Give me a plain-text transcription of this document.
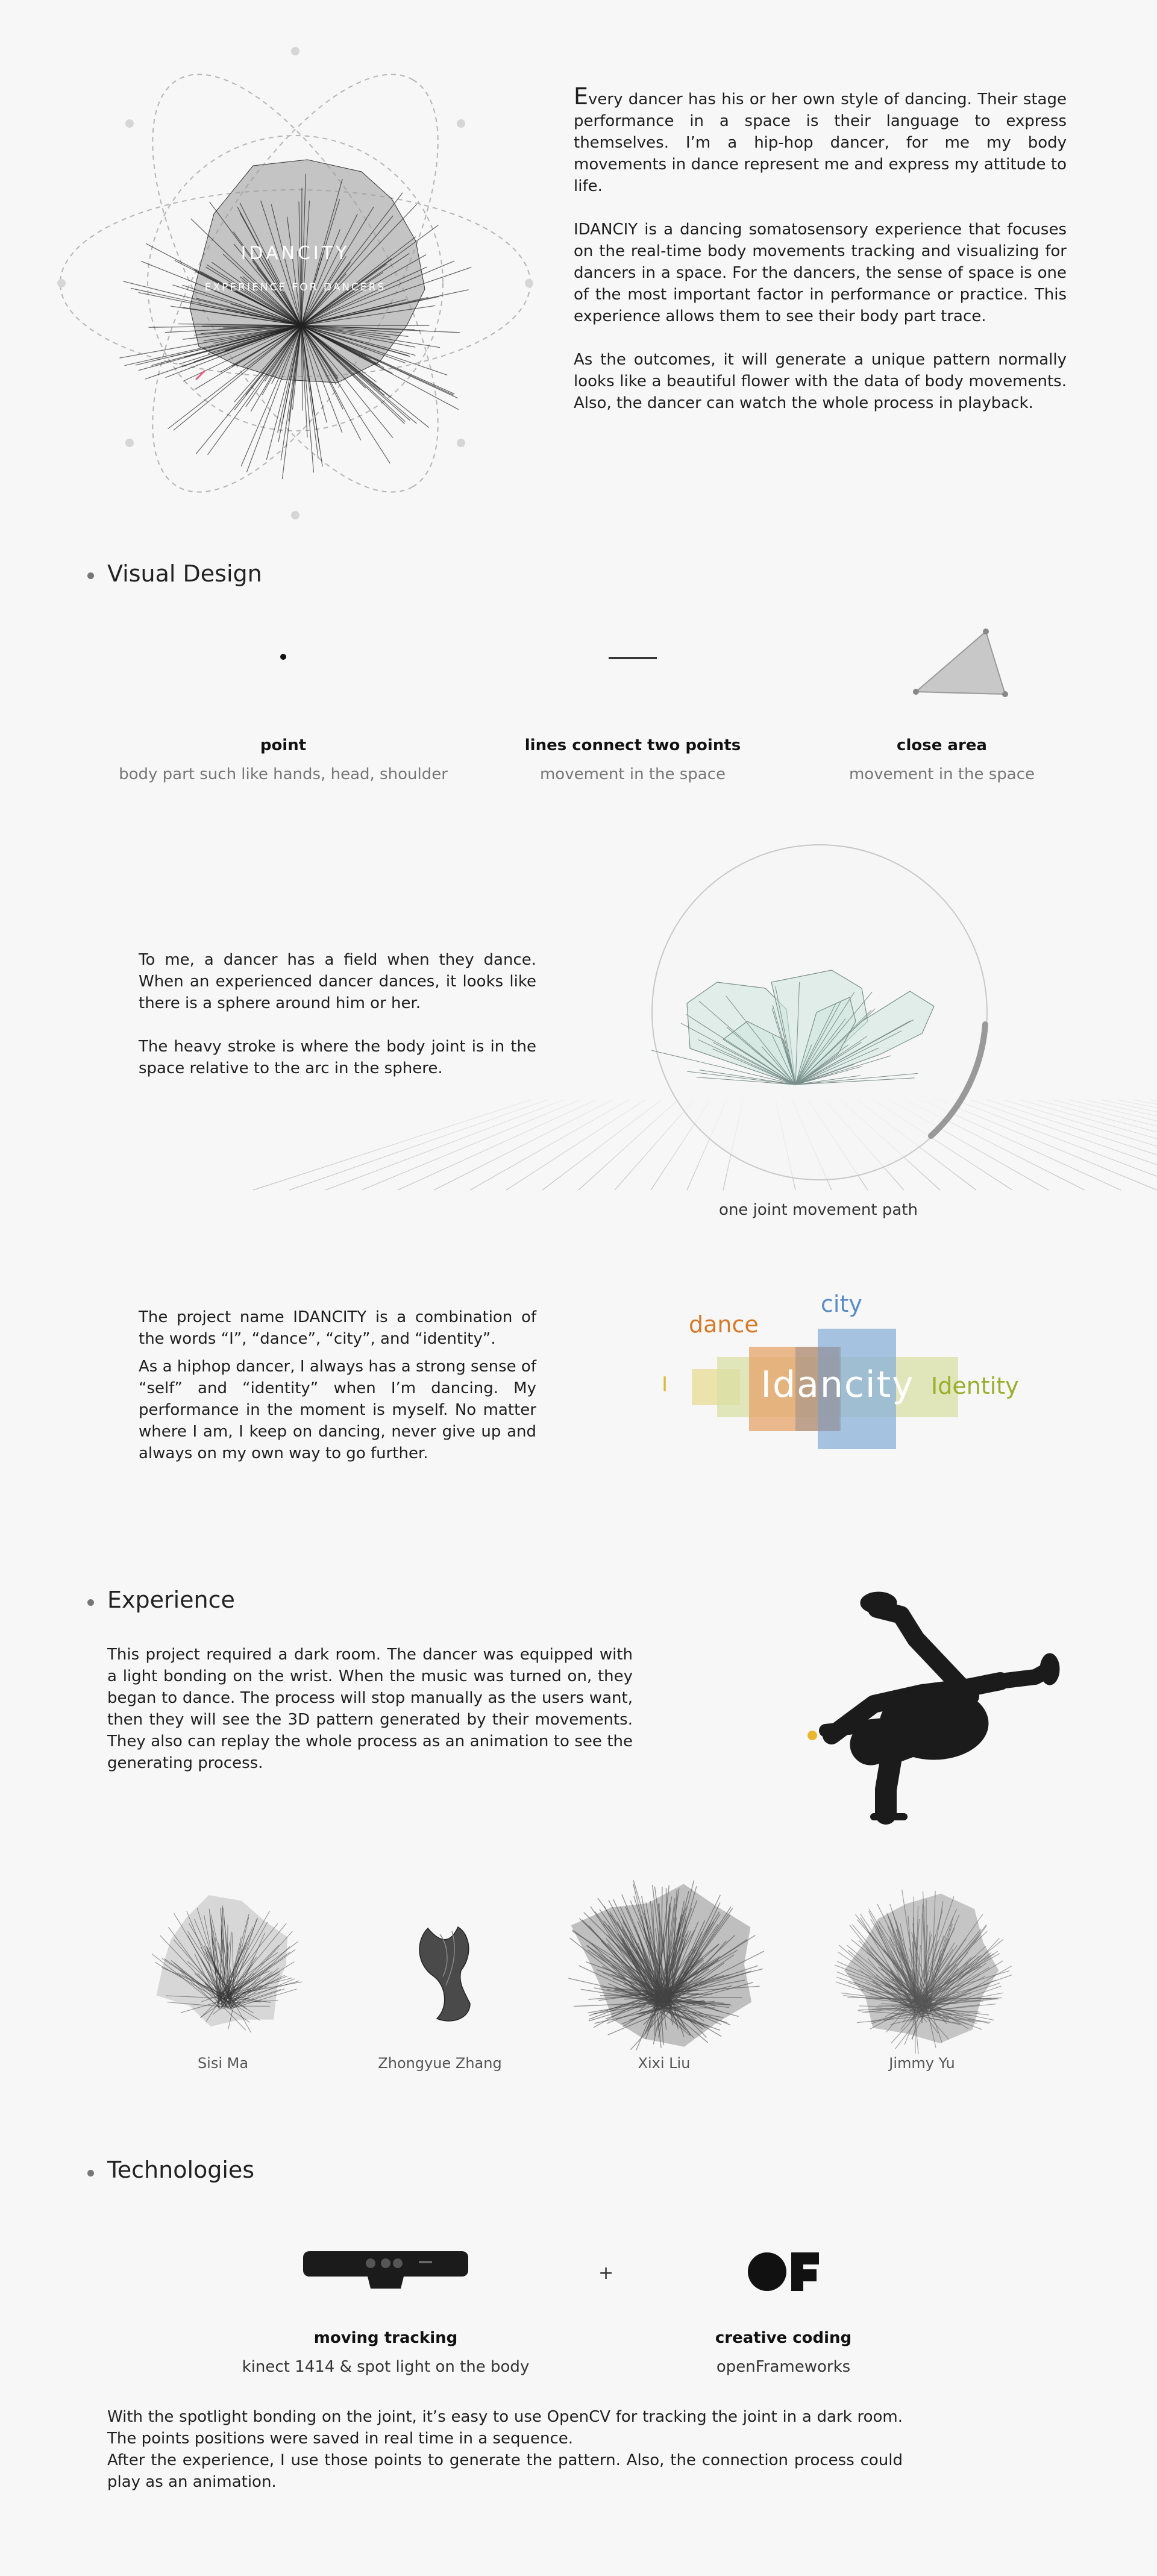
IDANCITY
EXPERIENCE FOR DANCERS

Every dancer has his or her own style of dancing. Their stage performance in a space is their language to express themselves. I’m a hip-hop dancer, for me my body movements in dance represent me and express my attitude to life.

IDANCIY is a dancing somatosensory experience that focuses on the real-time body movements tracking and visualizing for dancers in a space. For the dancers, the sense of space is one of the most important factor in performance or practice. This experience allows them to see their body part trace.

As the outcomes, it will generate a unique pattern normally looks like a beautiful flower with the data of body movements. Also, the dancer can watch the whole process in playback.

Visual Design
point
body part such like hands, head, shoulder
lines connect two points
movement in the space
close area
movement in the space

To me, a dancer has a field when they dance. When an experienced dancer dances, it looks like there is a sphere around him or her.

The heavy stroke is where the body joint is in the space relative to the arc in the sphere.

one joint movement path

The project name IDANCITY is a combination of the words “I”, “dance”, “city”, and “identity”.

As a hiphop dancer, I always has a strong sense of “self” and “identity” when I’m dancing. My performance in the moment is myself. No matter where I am, I keep on dancing, never give up and always on my own way to go further.

I
dance
city
Identity
Idancity
Experience

This project required a dark room. The dancer was equipped with a light bonding on the wrist. When the music was turned on, they began to dance. The process will stop manually as the users want, then they will see the 3D pattern generated by their movements. They also can replay the whole process as an animation to see the generating process.

Sisi Ma	Zhongyue Zhang	Xixi Liu	Jimmy Yu
Technologies
+
moving tracking
kinect 1414 & spot light on the body
creative coding
openFrameworks

With the spotlight bonding on the joint, it’s easy to use OpenCV for tracking the joint in a dark room. The points positions were saved in real time in a sequence.

After the experience, I use those points to generate the pattern. Also, the connection process could play as an animation.
